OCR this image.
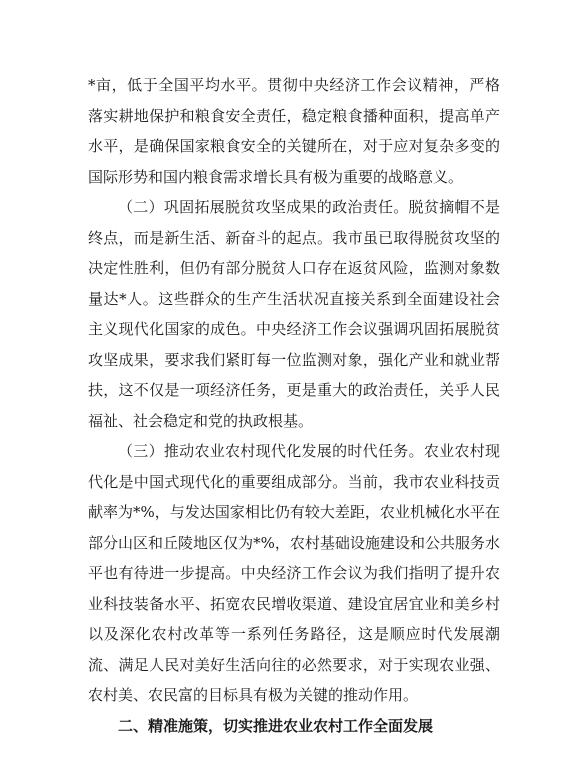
*亩，低于全国平均水平。贯彻中央经济工作会议精神，严格落实耕地保护和粮食安全责任，稳定粮食播种面积，提高单产水平，是确保国家粮食安全的关键所在，对于应对复杂多变的国际形势和国内粮食需求增长具有极为重要的战略意义。

（二）巩固拓展脱贫攻坚成果的政治责任。脱贫摘帽不是终点，而是新生活、新奋斗的起点。我市虽已取得脱贫攻坚的决定性胜利，但仍有部分脱贫人口存在返贫风险，监测对象数量达*人。这些群众的生产生活状况直接关系到全面建设社会主义现代化国家的成色。中央经济工作会议强调巩固拓展脱贫攻坚成果，要求我们紧盯每一位监测对象，强化产业和就业帮扶，这不仅是一项经济任务，更是重大的政治责任，关乎人民福祉、社会稳定和党的执政根基。

（三）推动农业农村现代化发展的时代任务。农业农村现代化是中国式现代化的重要组成部分。当前，我市农业科技贡献率为*%，与发达国家相比仍有较大差距，农业机械化水平在部分山区和丘陵地区仅为*%，农村基础设施建设和公共服务水平也有待进一步提高。中央经济工作会议为我们指明了提升农业科技装备水平、拓宽农民增收渠道、建设宜居宜业和美乡村以及深化农村改革等一系列任务路径，这是顺应时代发展潮流、满足人民对美好生活向往的必然要求，对于实现农业强、农村美、农民富的目标具有极为关键的推动作用。

二、精准施策，切实推进农业农村工作全面发展
